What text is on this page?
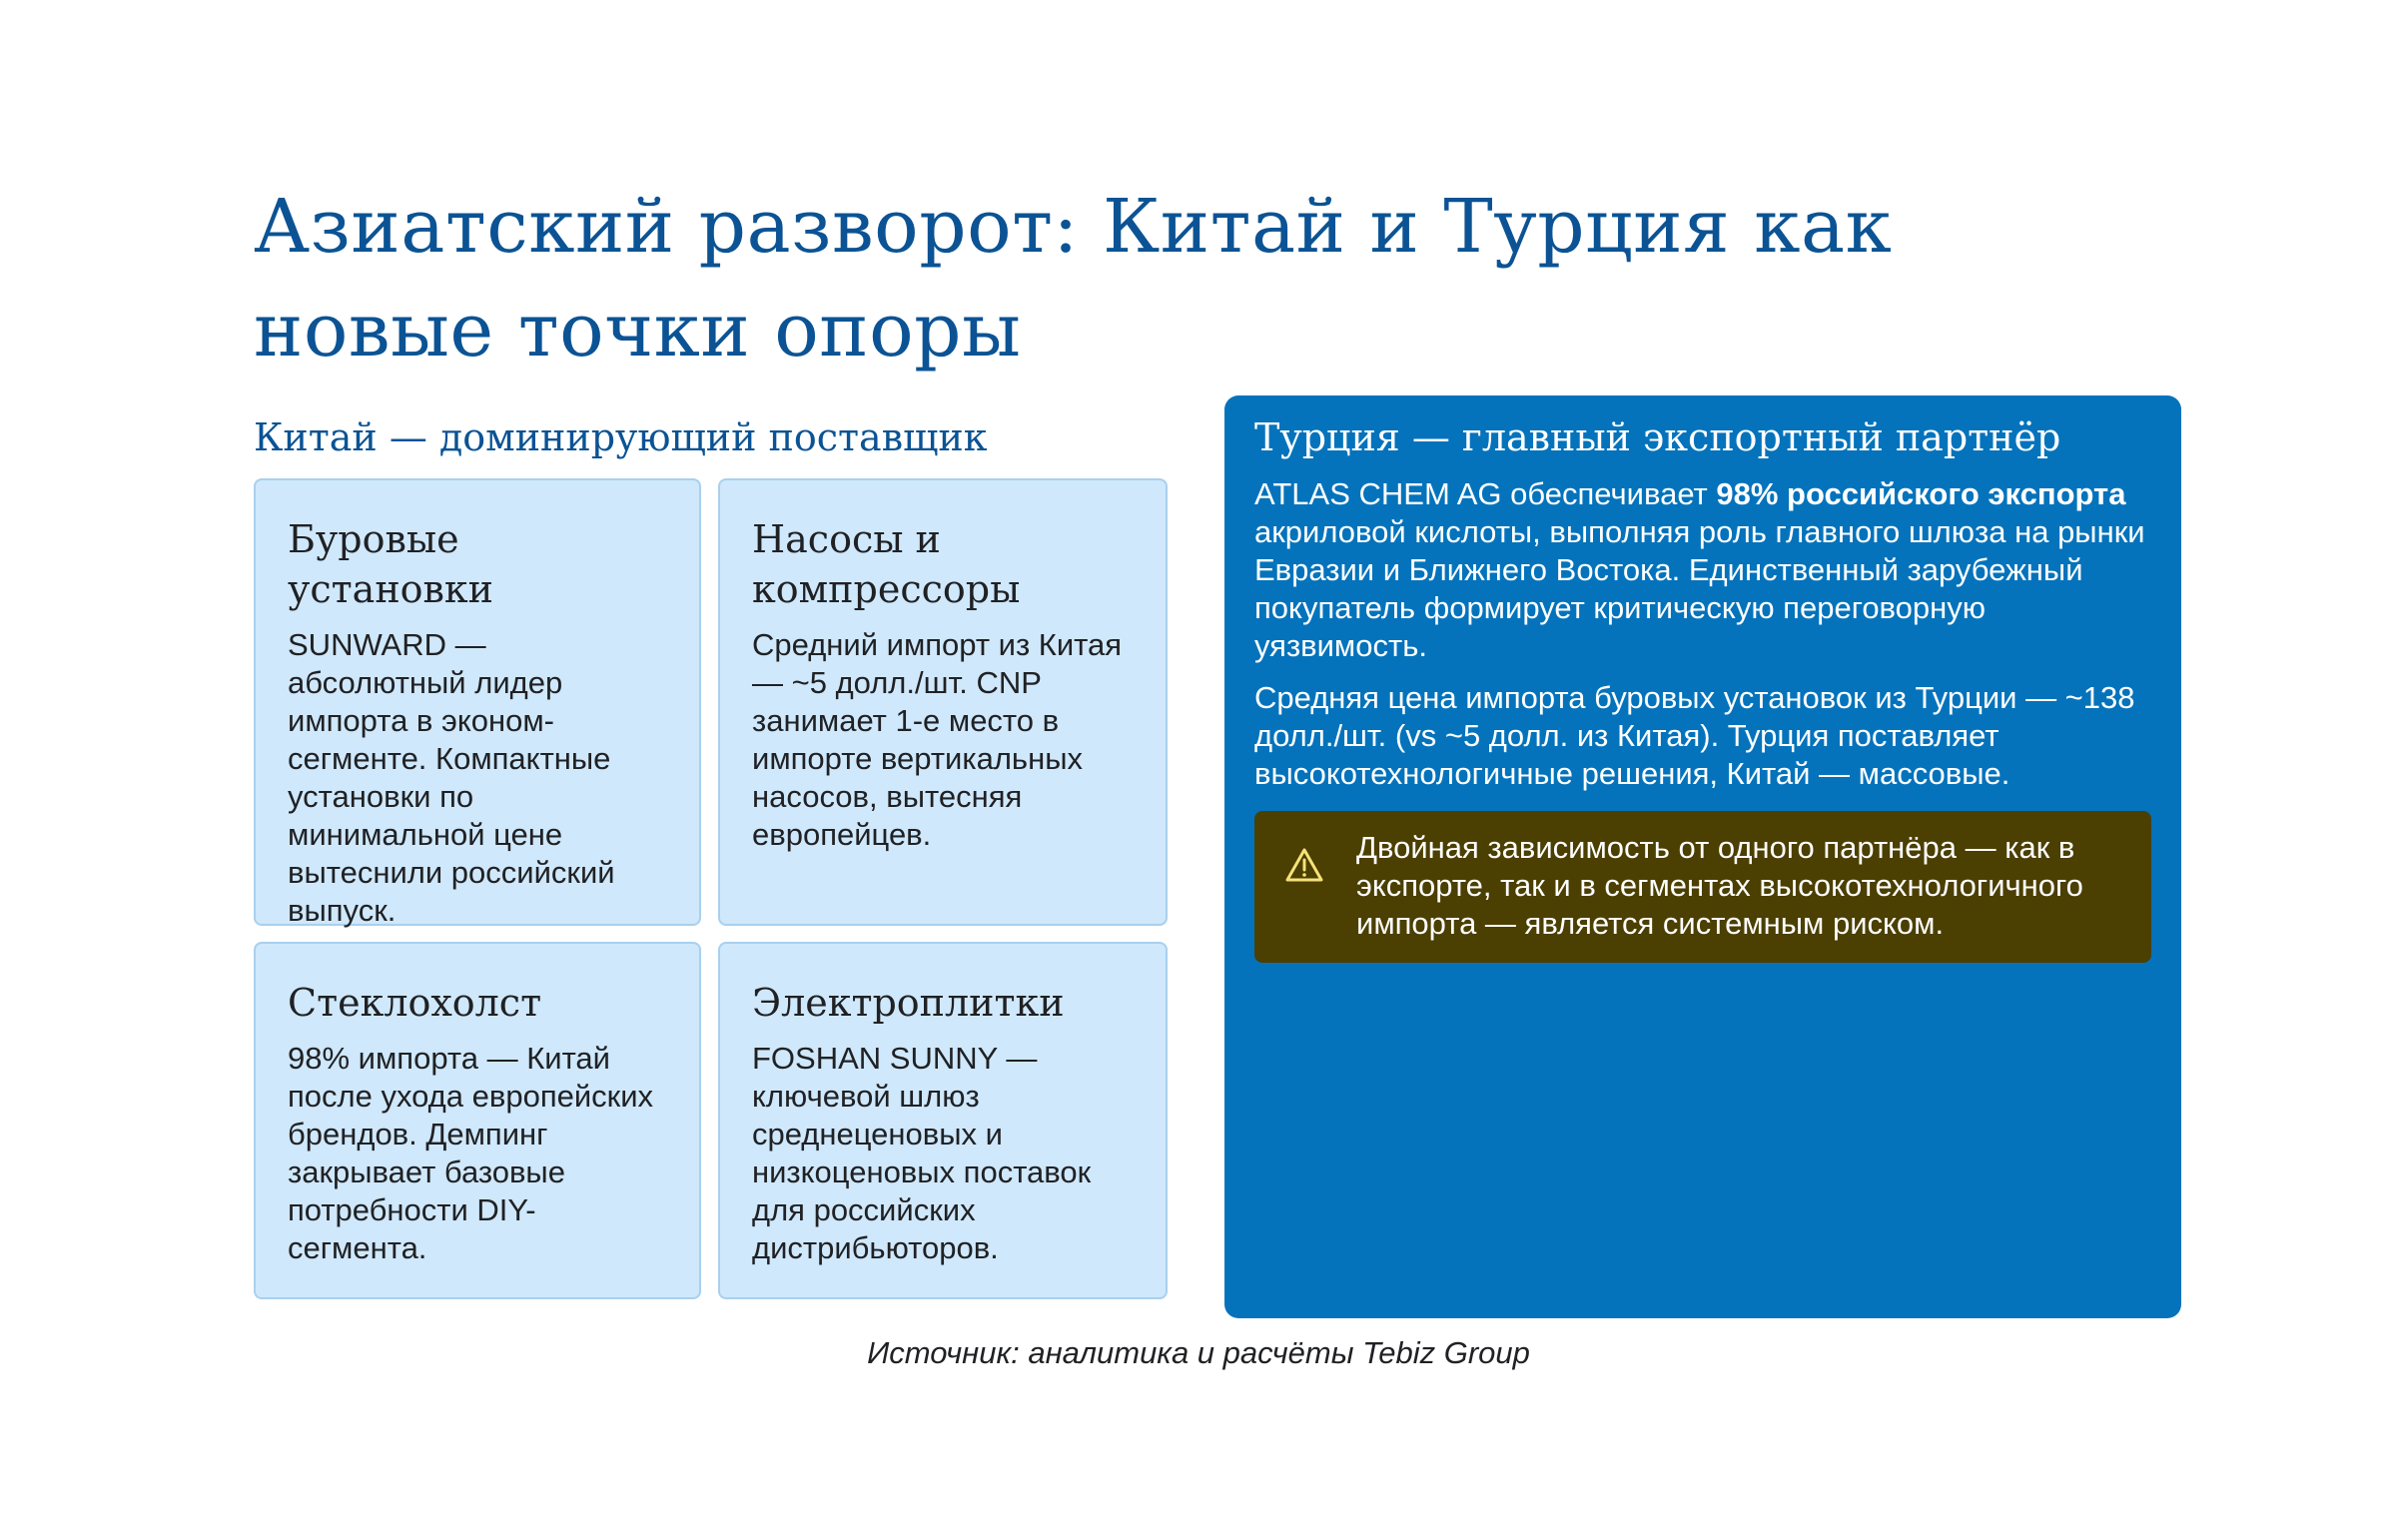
Азиатский разворот: Китай и Турция как новые точки опоры
Китай — доминирующий поставщик
Буровые установки

SUNWARD — абсолютный лидер импорта в эконом-сегменте. Компактные установки по минимальной цене вытеснили российский выпуск.

Насосы и компрессоры

Средний импорт из Китая — ~5 долл./шт. CNP занимает 1-е место в импорте вертикальных насосов, вытесняя европейцев.

Стеклохолст

98% импорта — Китай после ухода европейских брендов. Демпинг закрывает базовые потребности DIY-сегмента.

Электроплитки

FOSHAN SUNNY — ключевой шлюз среднеценовых и низкоценовых поставок для российских дистрибьюторов.

Турция — главный экспортный партнёр

ATLAS CHEM AG обеспечивает 98% российского экспорта акриловой кислоты, выполняя роль главного шлюза на рынки Евразии и Ближнего Востока. Единственный зарубежный покупатель формирует критическую переговорную уязвимость.

Средняя цена импорта буровых установок из Турции — ~138 долл./шт. (vs ~5 долл. из Китая). Турция поставляет высокотехнологичные решения, Китай — массовые.

Двойная зависимость от одного партнёра — как в экспорте, так и в сегментах высокотехнологичного импорта — является системным риском.
Источник: аналитика и расчёты Tebiz Group
